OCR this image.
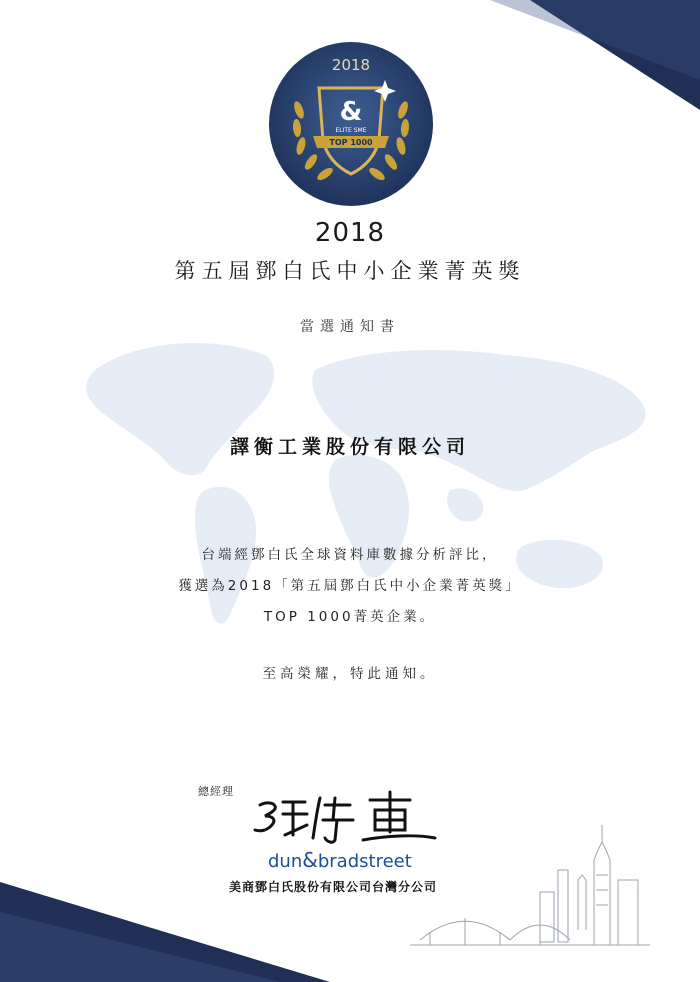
2018
&
ELITE SME
TOP 1000
2018
第五屆鄧白氏中小企業菁英獎
當選通知書
譯衡工業股份有限公司
台端經鄧白氏全球資料庫數據分析評比，
獲選為2018「第五屆鄧白氏中小企業菁英獎」
TOP 1000菁英企業。
至高榮耀，特此通知。
總經理
dun&bradstreet
美商鄧白氏股份有限公司台灣分公司
